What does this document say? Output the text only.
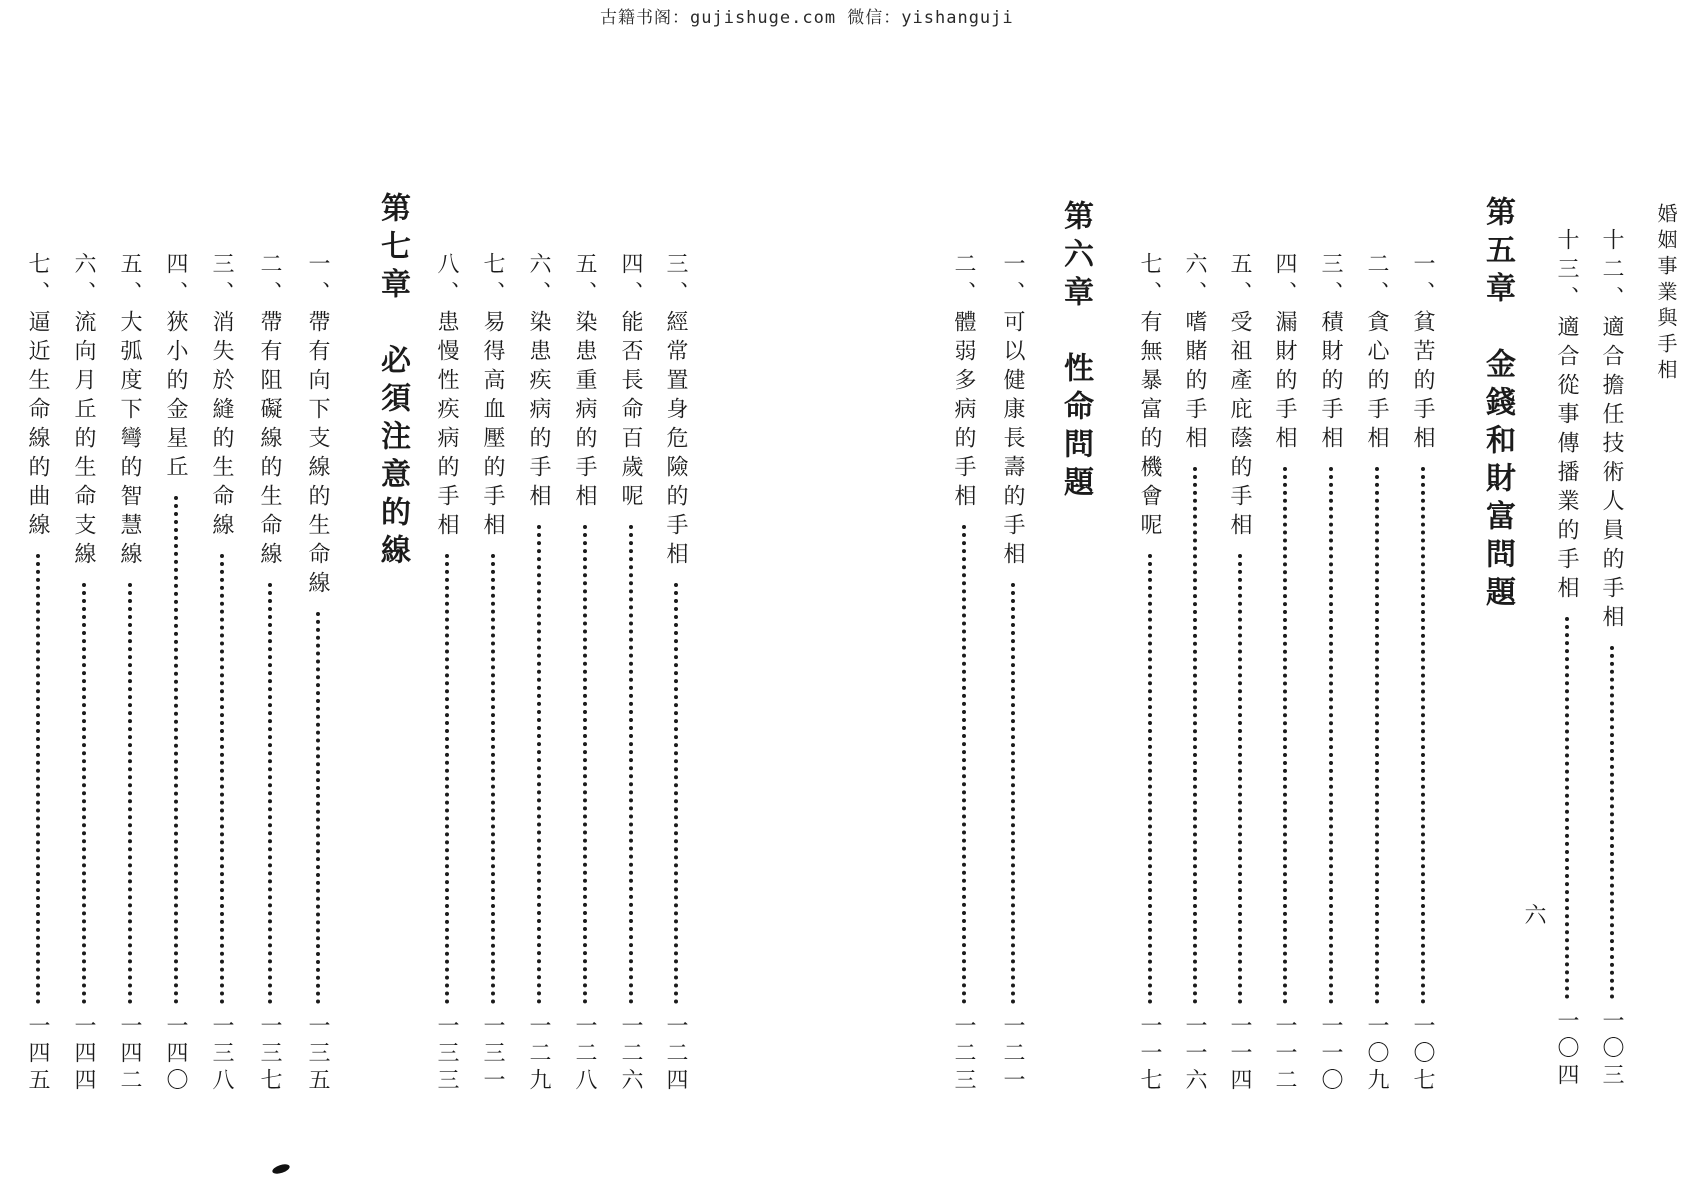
古籍书阁：gujishuge.com 微信：yishanguji
婚姻事業與手相
十二、適合擔任技術人員的手相
一〇三
十三、適合從事傳播業的手相
一〇四
第五章　金錢和財富問題
一、貧苦的手相
一〇七
二、貪心的手相
一〇九
三、積財的手相
一一〇
四、漏財的手相
一一二
五、受祖產庇蔭的手相
一一四
六、嗜賭的手相
一一六
七、有無暴富的機會呢
一一七
第六章　性命問題
一、可以健康長壽的手相
一二一
二、體弱多病的手相
一二三
三、經常置身危險的手相
一二四
四、能否長命百歲呢
一二六
五、染患重病的手相
一二八
六、染患疾病的手相
一二九
七、易得高血壓的手相
一三一
八、患慢性疾病的手相
一三三
第七章　必須注意的線
一、帶有向下支線的生命線
一三五
二、帶有阻礙線的生命線
一三七
三、消失於縫的生命線
一三八
四、狹小的金星丘
一四〇
五、大弧度下彎的智慧線
一四二
六、流向月丘的生命支線
一四四
七、逼近生命線的曲線
一四五
六
